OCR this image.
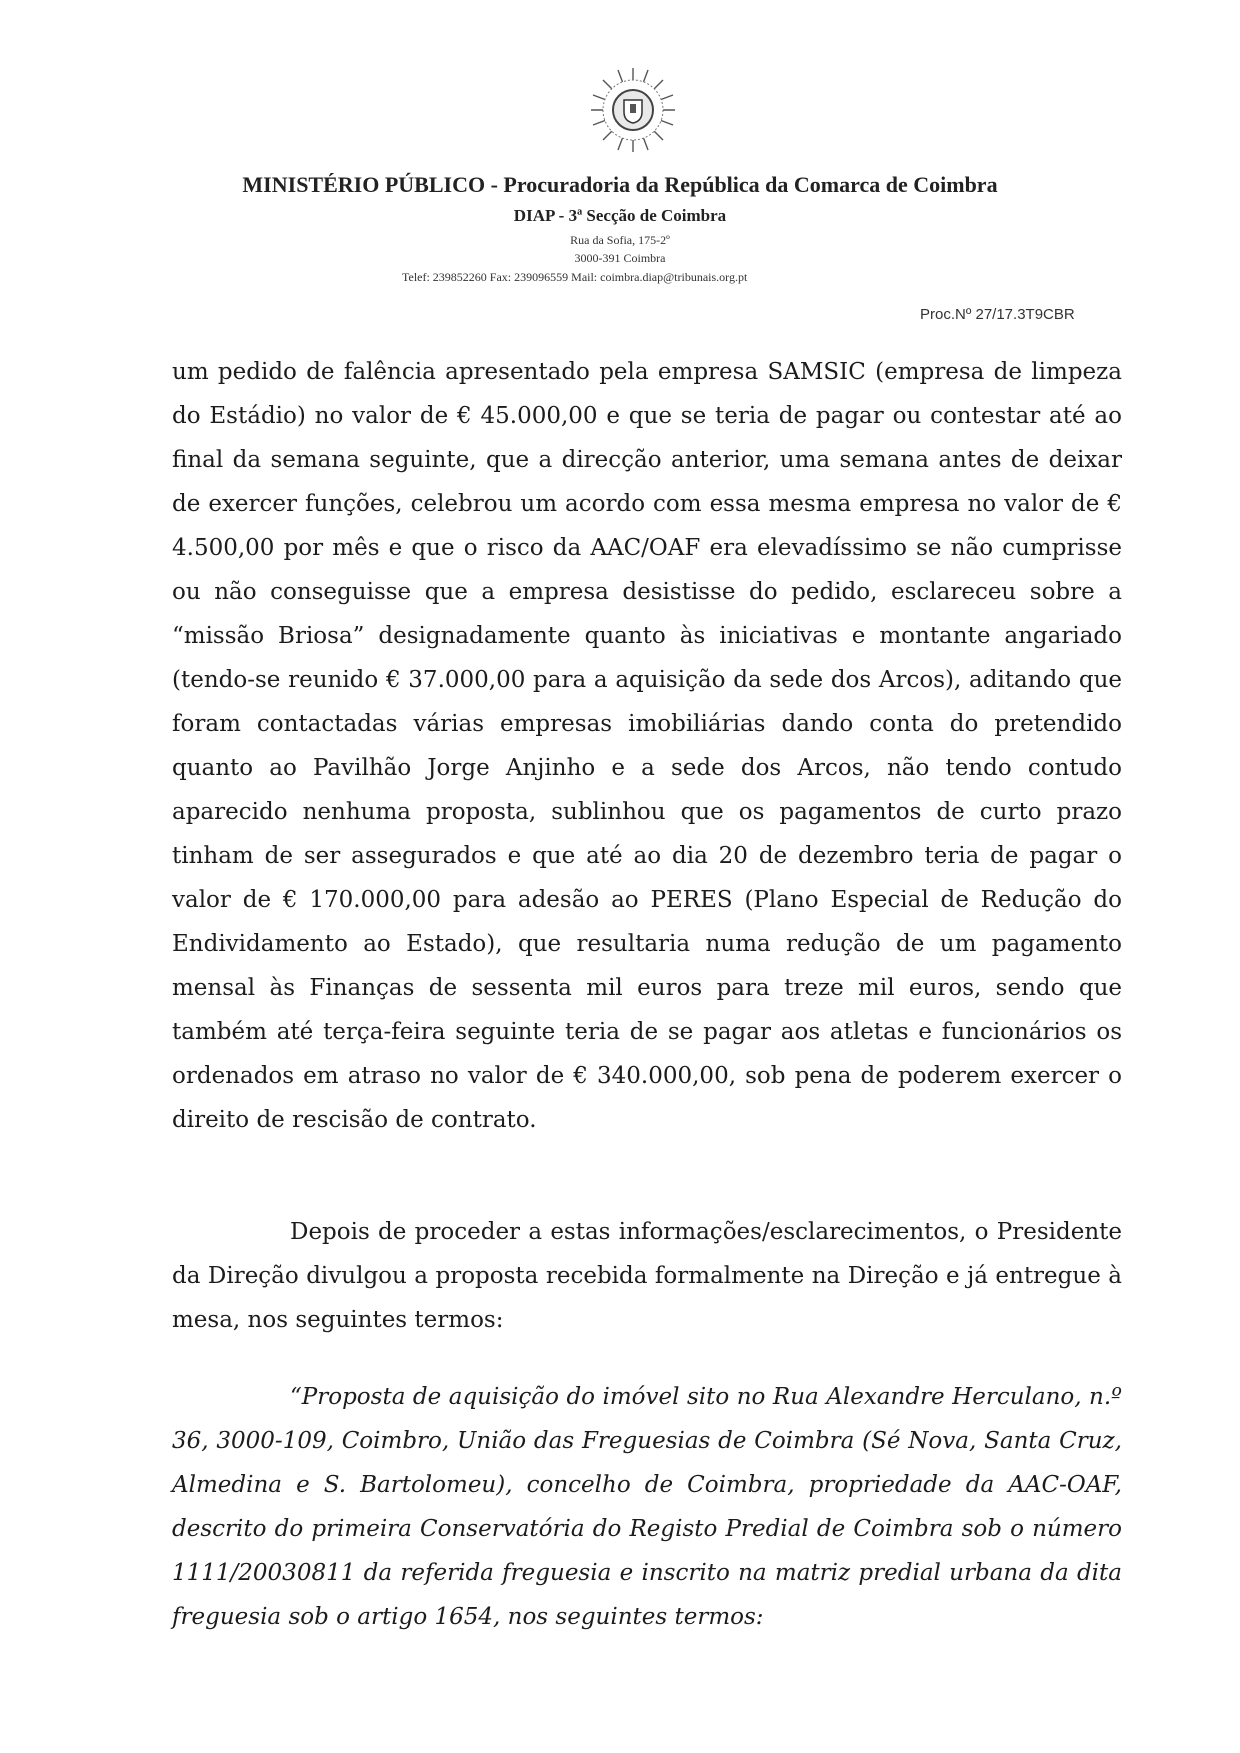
MINISTÉRIO PÚBLICO - Procuradoria da República da Comarca de Coimbra
DIAP - 3ª Secção de Coimbra
Rua da Sofia, 175-2º
3000-391 Coimbra
Telef: 239852260 Fax: 239096559 Mail: coimbra.diap@tribunais.org.pt
Proc.Nº 27/17.3T9CBR
um pedido de falência apresentado pela empresa SAMSIC (empresa de limpeza do Estádio) no valor de € 45.000,00 e que se teria de pagar ou contestar até ao final da semana seguinte, que a direcção anterior, uma semana antes de deixar de exercer funções, celebrou um acordo com essa mesma empresa no valor de € 4.500,00 por mês e que o risco da AAC/OAF era elevadíssimo se não cumprisse ou não conseguisse que a empresa desistisse do pedido, esclareceu sobre a “missão Briosa” designadamente quanto às iniciativas e montante angariado (tendo-se reunido € 37.000,00 para a aquisição da sede dos Arcos), aditando que foram contactadas várias empresas imobiliárias dando conta do pretendido quanto ao Pavilhão Jorge Anjinho e a sede dos Arcos, não tendo contudo aparecido nenhuma proposta, sublinhou que os pagamentos de curto prazo tinham de ser assegurados e que até ao dia 20 de dezembro teria de pagar o valor de € 170.000,00 para adesão ao PERES (Plano Especial de Redução do Endividamento ao Estado), que resultaria numa redução de um pagamento mensal às Finanças de sessenta mil euros para treze mil euros, sendo que também até terça-feira seguinte teria de se pagar aos atletas e funcionários os ordenados em atraso no valor de € 340.000,00, sob pena de poderem exercer o direito de rescisão de contrato.
Depois de proceder a estas informações/esclarecimentos, o Presidente da Direção divulgou a proposta recebida formalmente na Direção e já entregue à mesa, nos seguintes termos:
“Proposta de aquisição do imóvel sito no Rua Alexandre Herculano, n.º 36, 3000-109, Coimbro, União das Freguesias de Coimbra (Sé Nova, Santa Cruz, Almedina e S. Bartolomeu), concelho de Coimbra, propriedade da AAC-OAF, descrito do primeira Conservatória do Registo Predial de Coimbra sob o número 1111/20030811 da referida freguesia e inscrito na matriz predial urbana da dita freguesia sob o artigo 1654, nos seguintes termos:
